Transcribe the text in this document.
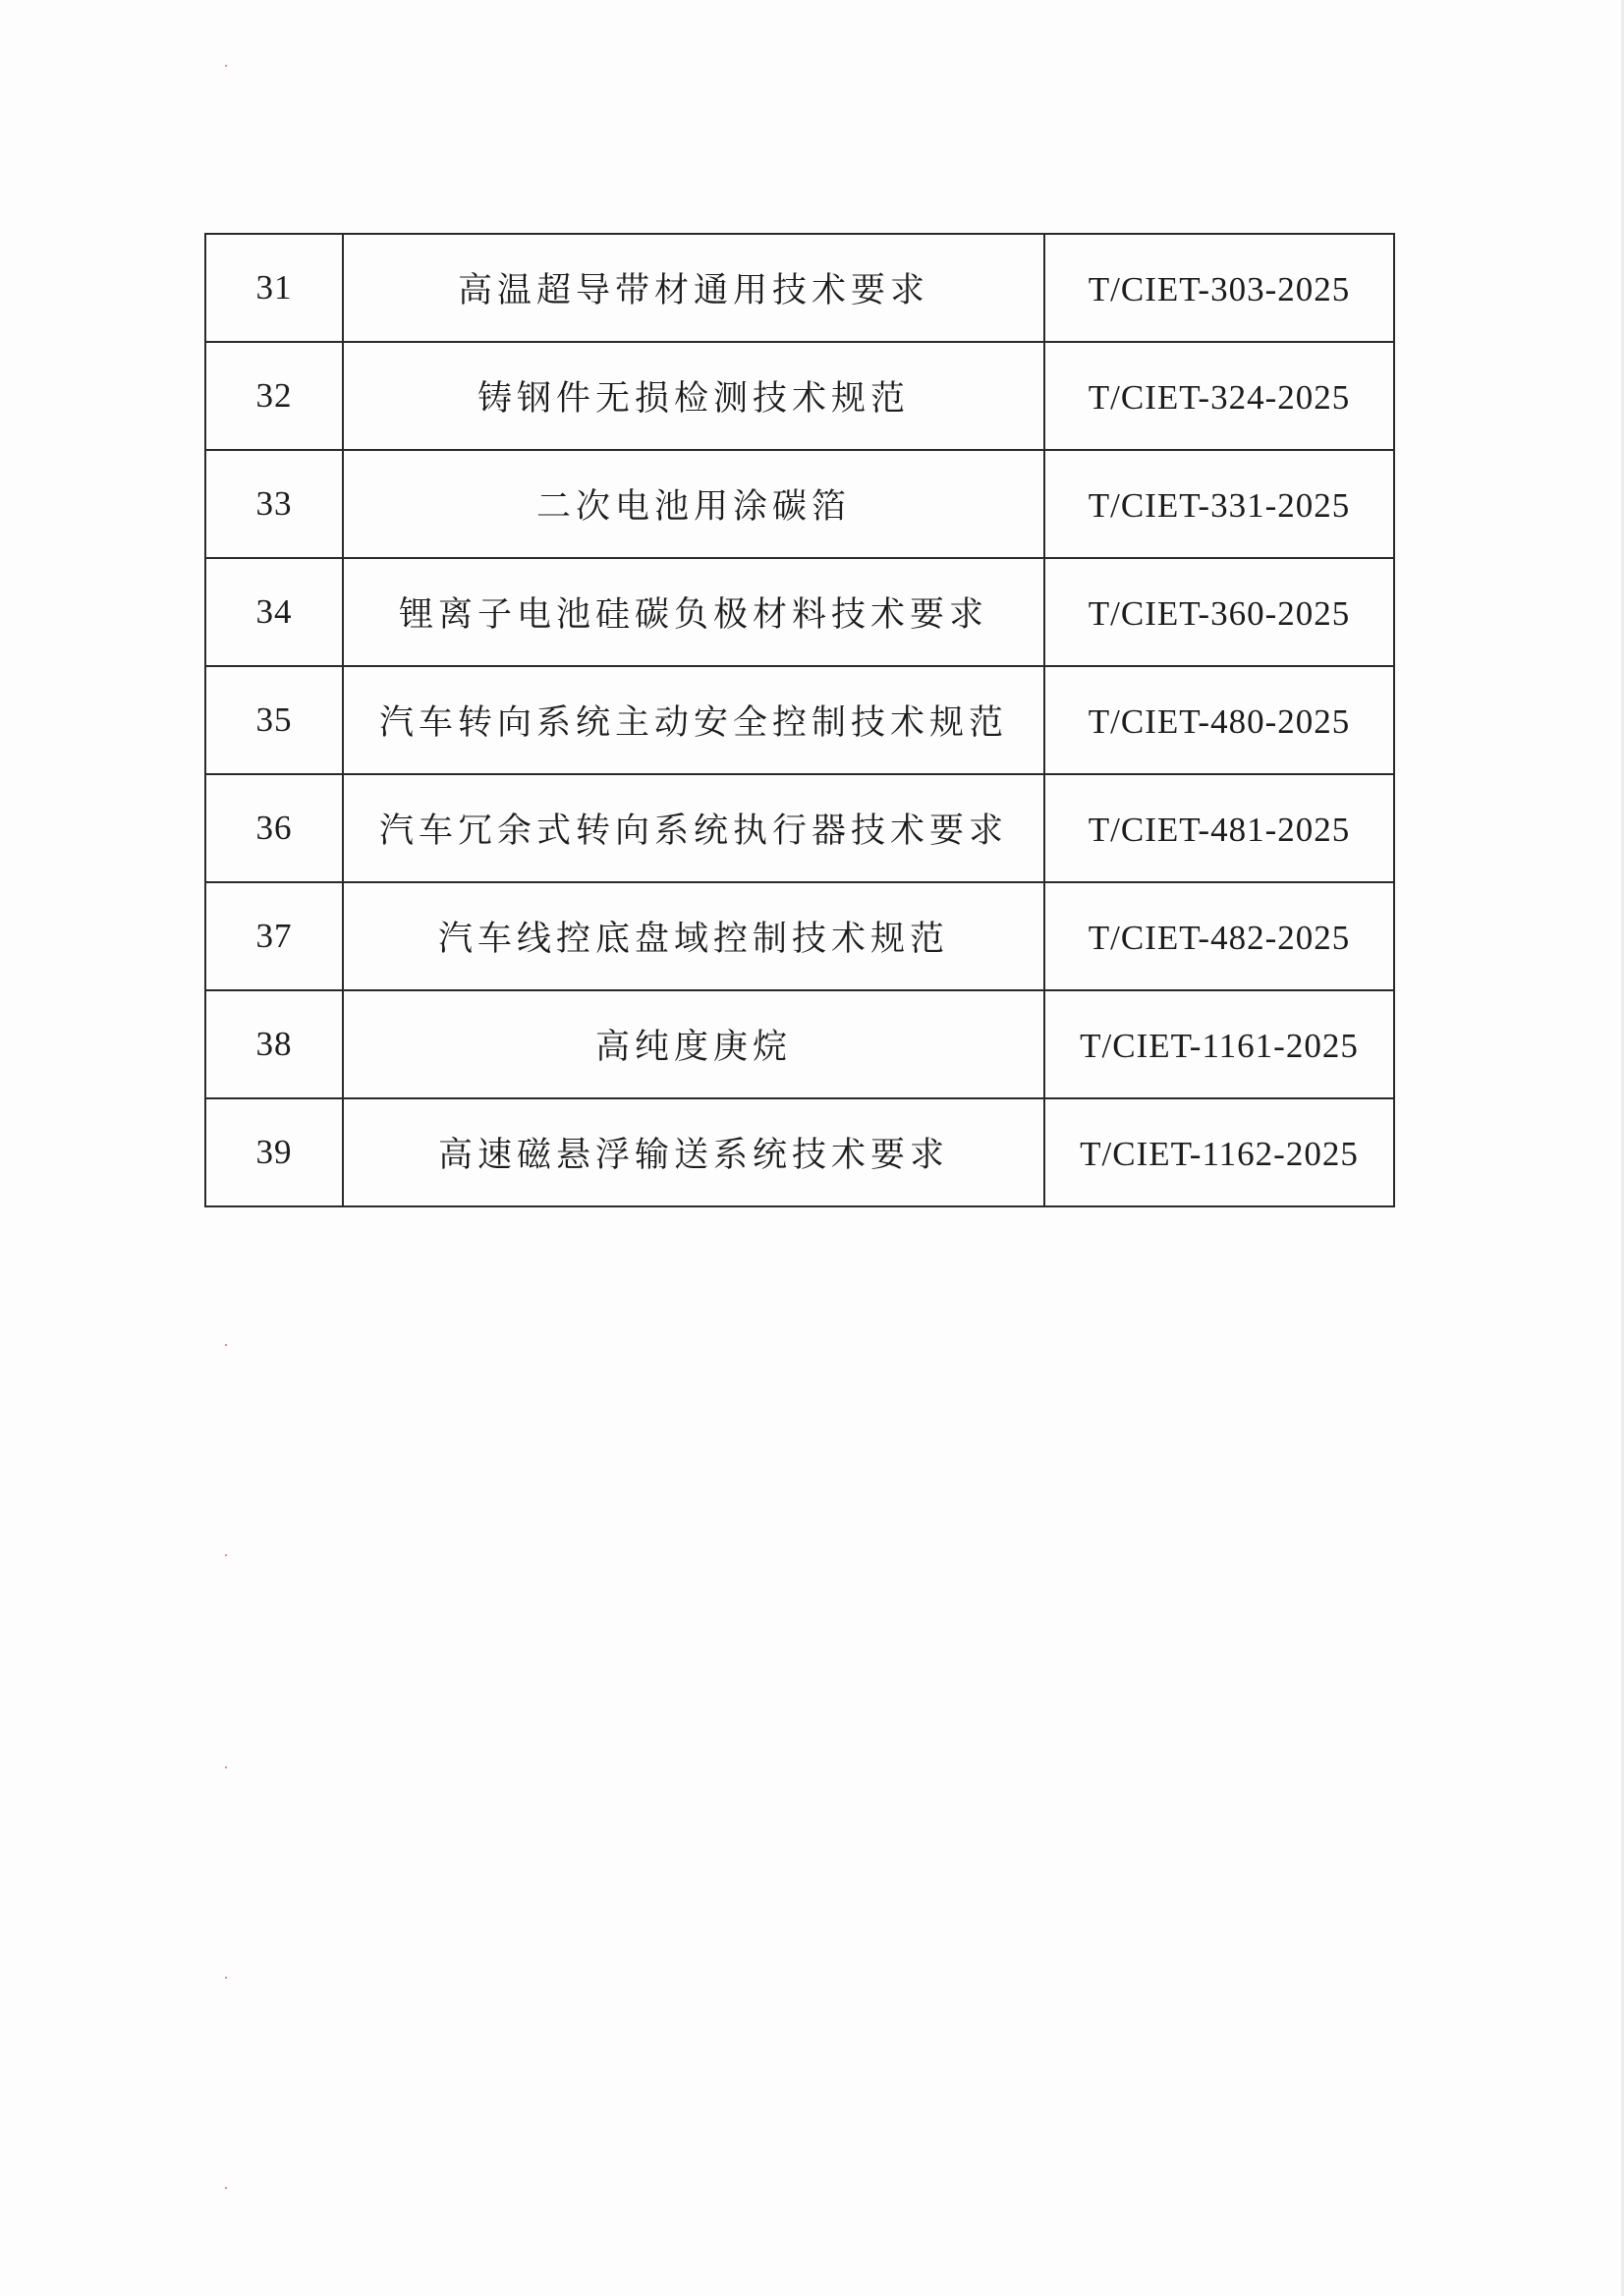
31	高温超导带材通用技术要求	T/CIET-303-2025
32	铸钢件无损检测技术规范	T/CIET-324-2025
33	二次电池用涂碳箔	T/CIET-331-2025
34	锂离子电池硅碳负极材料技术要求	T/CIET-360-2025
35	汽车转向系统主动安全控制技术规范	T/CIET-480-2025
36	汽车冗余式转向系统执行器技术要求	T/CIET-481-2025
37	汽车线控底盘域控制技术规范	T/CIET-482-2025
38	高纯度庚烷	T/CIET-1161-2025
39	高速磁悬浮输送系统技术要求	T/CIET-1162-2025
